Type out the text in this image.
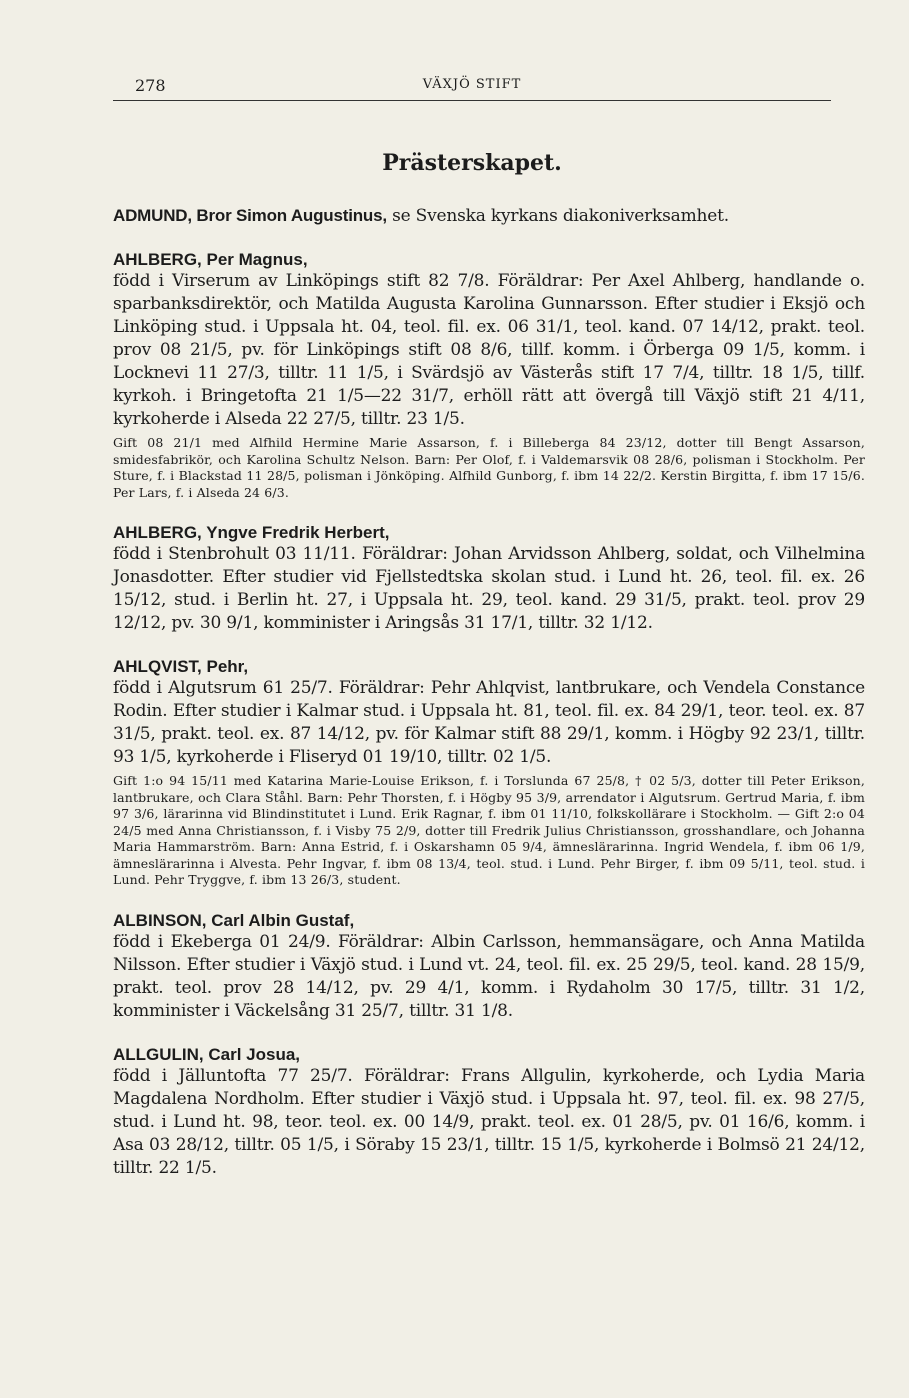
278	VÄXJÖ STIFT
Prästerskapet.
ADMUND, Bror Simon Augustinus, se Svenska kyrkans diakoniverksamhet.
AHLBERG, Per Magnus,
född i Virserum av Linköpings stift 82 7/8. Föräldrar: Per Axel Ahlberg, handlande o. sparbanksdirektör, och Matilda Augusta Karolina Gunnarsson. Efter studier i Eksjö och Linköping stud. i Uppsala ht. 04, teol. fil. ex. 06 31/1, teol. kand. 07 14/12, prakt. teol. prov 08 21/5, pv. för Linköpings stift 08 8/6, tillf. komm. i Örberga 09 1/5, komm. i Locknevi 11 27/3, tilltr. 11 1/5, i Svärdsjö av Västerås stift 17 7/4, tilltr. 18 1/5, tillf. kyrkoh. i Bringetofta 21 1/5—22 31/7, erhöll rätt att övergå till Växjö stift 21 4/11, kyrkoherde i Alseda 22 27/5, tilltr. 23 1/5.
Gift 08 21/1 med Alfhild Hermine Marie Assarson, f. i Billeberga 84 23/12, dotter till Bengt Assarson, smidesfabrikör, och Karolina Schultz Nelson. Barn: Per Olof, f. i Valdemarsvik 08 28/6, polisman i Stockholm. Per Sture, f. i Blackstad 11 28/5, polisman i Jönköping. Alfhild Gunborg, f. ibm 14 22/2. Kerstin Birgitta, f. ibm 17 15/6. Per Lars, f. i Alseda 24 6/3.
AHLBERG, Yngve Fredrik Herbert,
född i Stenbrohult 03 11/11. Föräldrar: Johan Arvidsson Ahlberg, soldat, och Vilhelmina Jonasdotter. Efter studier vid Fjellstedtska skolan stud. i Lund ht. 26, teol. fil. ex. 26 15/12, stud. i Berlin ht. 27, i Uppsala ht. 29, teol. kand. 29 31/5, prakt. teol. prov 29 12/12, pv. 30 9/1, komminister i Aringsås 31 17/1, tilltr. 32 1/12.
AHLQVIST, Pehr,
född i Algutsrum 61 25/7. Föräldrar: Pehr Ahlqvist, lantbrukare, och Vendela Constance Rodin. Efter studier i Kalmar stud. i Uppsala ht. 81, teol. fil. ex. 84 29/1, teor. teol. ex. 87 31/5, prakt. teol. ex. 87 14/12, pv. för Kalmar stift 88 29/1, komm. i Högby 92 23/1, tilltr. 93 1/5, kyrkoherde i Fliseryd 01 19/10, tilltr. 02 1/5.
Gift 1:o 94 15/11 med Katarina Marie-Louise Erikson, f. i Torslunda 67 25/8, † 02 5/3, dotter till Peter Erikson, lantbrukare, och Clara Ståhl. Barn: Pehr Thorsten, f. i Högby 95 3/9, arrendator i Algutsrum. Gertrud Maria, f. ibm 97 3/6, lärarinna vid Blindinstitutet i Lund. Erik Ragnar, f. ibm 01 11/10, folkskollärare i Stockholm. — Gift 2:o 04 24/5 med Anna Christiansson, f. i Visby 75 2/9, dotter till Fredrik Julius Christiansson, grosshandlare, och Johanna Maria Hammarström. Barn: Anna Estrid, f. i Oskarshamn 05 9/4, ämneslärarinna. Ingrid Wendela, f. ibm 06 1/9, ämneslärarinna i Alvesta. Pehr Ingvar, f. ibm 08 13/4, teol. stud. i Lund. Pehr Birger, f. ibm 09 5/11, teol. stud. i Lund. Pehr Tryggve, f. ibm 13 26/3, student.
ALBINSON, Carl Albin Gustaf,
född i Ekeberga 01 24/9. Föräldrar: Albin Carlsson, hemmansägare, och Anna Matilda Nilsson. Efter studier i Växjö stud. i Lund vt. 24, teol. fil. ex. 25 29/5, teol. kand. 28 15/9, prakt. teol. prov 28 14/12, pv. 29 4/1, komm. i Rydaholm 30 17/5, tilltr. 31 1/2, komminister i Väckelsång 31 25/7, tilltr. 31 1/8.
ALLGULIN, Carl Josua,
född i Jälluntofta 77 25/7. Föräldrar: Frans Allgulin, kyrkoherde, och Lydia Maria Magdalena Nordholm. Efter studier i Växjö stud. i Uppsala ht. 97, teol. fil. ex. 98 27/5, stud. i Lund ht. 98, teor. teol. ex. 00 14/9, prakt. teol. ex. 01 28/5, pv. 01 16/6, komm. i Asa 03 28/12, tilltr. 05 1/5, i Söraby 15 23/1, tilltr. 15 1/5, kyrkoherde i Bolmsö 21 24/12, tilltr. 22 1/5.
